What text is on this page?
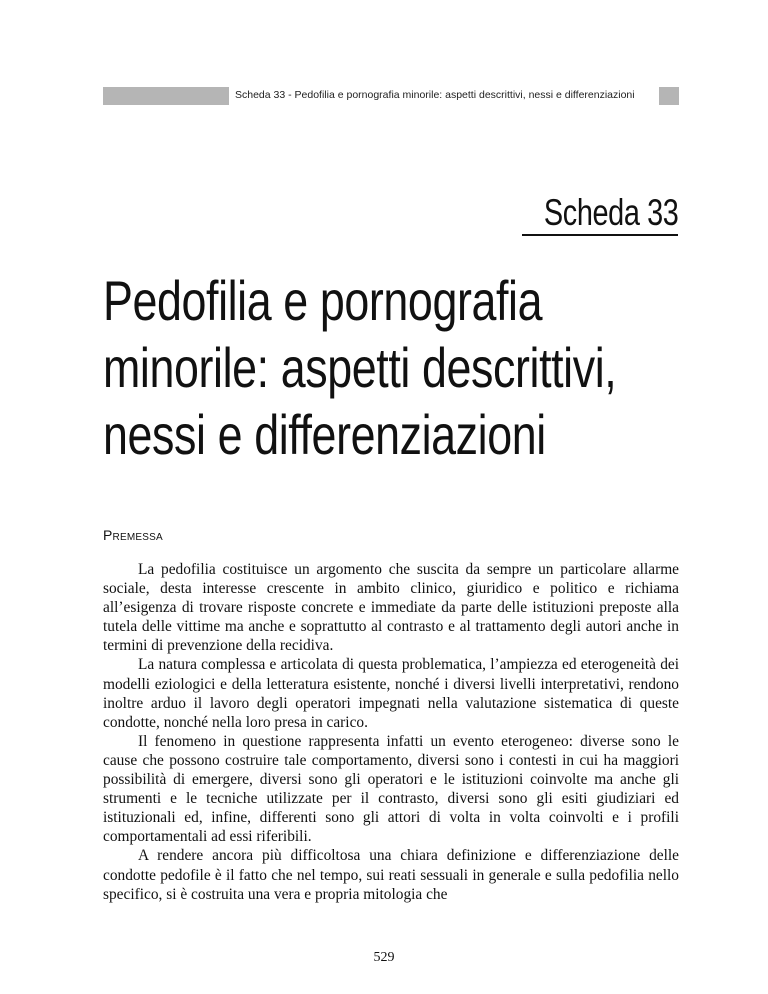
Scheda 33 - Pedofilia e pornografia minorile: aspetti descrittivi, nessi e differenziazioni
Scheda 33
Pedofilia e pornografia
minorile: aspetti descrittivi,
nessi e differenziazioni
Premessa

La pedofilia costituisce un argomento che suscita da sempre un particolare allarme sociale, desta interesse crescente in ambito clinico, giuridico e politico e richiama all’esigenza di trovare risposte concrete e immediate da parte delle istituzioni preposte alla tutela delle vittime ma anche e soprattutto al contrasto e al trattamento degli autori anche in termini di prevenzione della recidiva.

La natura complessa e articolata di questa problematica, l’ampiezza ed eterogeneità dei modelli eziologici e della letteratura esistente, nonché i diversi livelli interpretativi, rendono inoltre arduo il lavoro degli operatori impegnati nella valutazione sistematica di queste condotte, nonché nella loro presa in carico.

Il fenomeno in questione rappresenta infatti un evento eterogeneo: diverse sono le cause che possono costruire tale comportamento, diversi sono i contesti in cui ha maggiori possibilità di emergere, diversi sono gli operatori e le istituzioni coinvolte ma anche gli strumenti e le tecniche utilizzate per il contrasto, diversi sono gli esiti giudiziari ed istituzionali ed, infine, differenti sono gli attori di volta in volta coinvolti e i profili comportamentali ad essi riferibili.

A rendere ancora più difficoltosa una chiara definizione e differenziazione delle condotte pedofile è il fatto che nel tempo, sui reati sessuali in generale e sulla pedofilia nello specifico, si è costruita una vera e propria mitologia che

529
